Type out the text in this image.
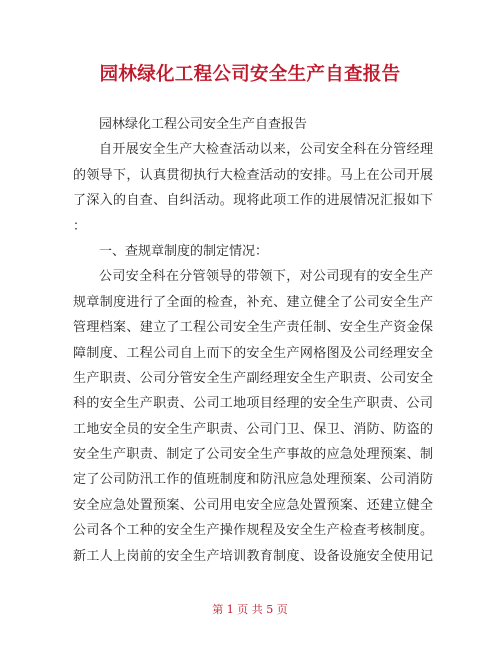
园林绿化工程公司安全生产自查报告
园林绿化工程公司安全生产自查报告
自开展安全生产大检查活动以来，公司安全科在分管经理
的领导下，认真贯彻执行大检查活动的安排。马上在公司开展
了深入的自查、自纠活动。现将此项工作的进展情况汇报如下
：
一、查规章制度的制定情况：
公司安全科在分管领导的带领下，对公司现有的安全生产
规章制度进行了全面的检查，补充、建立健全了公司安全生产
管理档案、建立了工程公司安全生产责任制、安全生产资金保
障制度、工程公司自上而下的安全生产网格图及公司经理安全
生产职责、公司分管安全生产副经理安全生产职责、公司安全
科的安全生产职责、公司工地项目经理的安全生产职责、公司
工地安全员的安全生产职责、公司门卫、保卫、消防、防盗的
安全生产职责、制定了公司安全生产事故的应急处理预案、制
定了公司防汛工作的值班制度和防汛应急处理预案、公司消防
安全应急处置预案、公司用电安全应急处置预案、还建立健全
公司各个工种的安全生产操作规程及安全生产检查考核制度。
新工人上岗前的安全生产培训教育制度、设备设施安全使用记
第 1 页 共 5 页
